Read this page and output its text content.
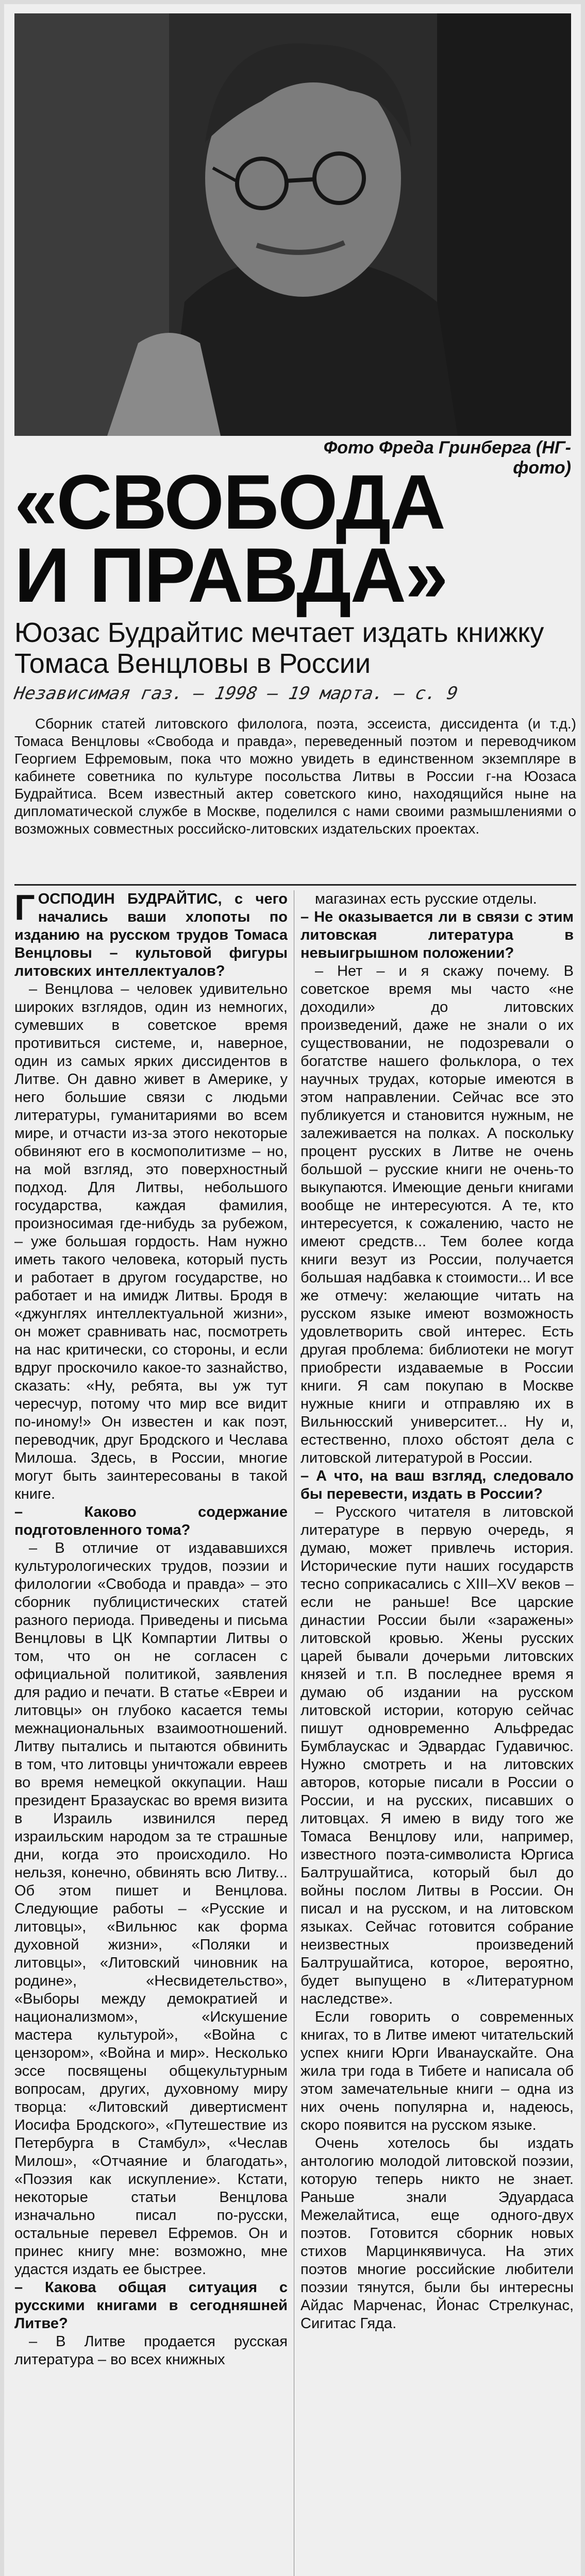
Фото Фреда Гринберга (НГ-фото)
«СВОБОДА
И ПРАВДА»
Юозас Будрайтис мечтает издать книжку Томаса Венцловы в России
Независимая газ. — 1998 — 19 марта. — с. 9
Сборник статей литовского филолога, поэта, эссеиста, диссидента (и т.д.) Томаса Венцловы «Свобода и правда», переведенный поэтом и переводчиком Георгием Ефремовым, пока что можно увидеть в единственном экземпляре в кабинете советника по культуре посольства Литвы в России г-на Юозаса Будрайтиса. Всем известный актер советского кино, находящийся ныне на дипломатической службе в Москве, поделился с нами своими размышлениями о возможных совместных российско-литовских издательских проектах.

ГОСПОДИН БУДРАЙТИС, с чего начались ваши хлопоты по изданию на русском трудов Томаса Венцловы – культовой фигуры литовских интеллектуалов?

– Венцлова – человек удивительно широких взглядов, один из немногих, сумевших в советское время противиться системе, и, наверное, один из самых ярких диссидентов в Литве. Он давно живет в Америке, у него большие связи с людьми литературы, гуманитариями во всем мире, и отчасти из-за этого некоторые обвиняют его в космополитизме – но, на мой взгляд, это поверхностный подход. Для Литвы, небольшого государства, каждая фамилия, произносимая где-нибудь за рубежом, – уже большая гордость. Нам нужно иметь такого человека, который пусть и работает в другом государстве, но работает и на имидж Литвы. Бродя в «джунглях интеллектуальной жизни», он может сравнивать нас, посмотреть на нас критически, со стороны, и если вдруг проскочило какое-то зазнайство, сказать: «Ну, ребята, вы уж тут чересчур, потому что мир все видит по-иному!» Он известен и как поэт, переводчик, друг Бродского и Чеслава Милоша. Здесь, в России, многие могут быть заинтересованы в такой книге.

– Каково содержание подготовленного тома?

– В отличие от издававшихся культурологических трудов, поэзии и филологии «Свобода и правда» – это сборник публицистических статей разного периода. Приведены и письма Венцловы в ЦК Компартии Литвы о том, что он не согласен с официальной политикой, заявления для радио и печати. В статье «Евреи и литовцы» он глубоко касается темы межнациональных взаимоотношений. Литву пытались и пытаются обвинить в том, что литовцы уничтожали евреев во время немецкой оккупации. Наш президент Бразаускас во время визита в Израиль извинился перед израильским народом за те страшные дни, когда это происходило. Но нельзя, конечно, обвинять всю Литву... Об этом пишет и Венцлова. Следующие работы – «Русские и литовцы», «Вильнюс как форма духовной жизни», «Поляки и литовцы», «Литовский чиновник на родине», «Несвидетельство», «Выборы между демократией и национализмом», «Искушение мастера культурой», «Война с цензором», «Война и мир». Несколько эссе посвящены общекультурным вопросам, других, духовному миру творца: «Литовский дивертисмент Иосифа Бродского», «Путешествие из Петербурга в Стамбул», «Чеслав Милош», «Отчаяние и благодать», «Поэзия как искупление». Кстати, некоторые статьи Венцлова изначально писал по-русски, остальные перевел Ефремов. Он и принес книгу мне: возможно, мне удастся издать ее быстрее.

– Какова общая ситуация с русскими книгами в сегодняшней Литве?

– В Литве продается русская литература – во всех книжных

магазинах есть русские отделы.

– Не оказывается ли в связи с этим литовская литература в невыигрышном положении?

– Нет – и я скажу почему. В советское время мы часто «не доходили» до литовских произведений, даже не знали о их существовании, не подозревали о богатстве нашего фольклора, о тех научных трудах, которые имеются в этом направлении. Сейчас все это публикуется и становится нужным, не залеживается на полках. А поскольку процент русских в Литве не очень большой – русские книги не очень-то выкупаются. Имеющие деньги книгами вообще не интересуются. А те, кто интересуется, к сожалению, часто не имеют средств... Тем более когда книги везут из России, получается большая надбавка к стоимости... И все же отмечу: желающие читать на русском языке имеют возможность удовлетворить свой интерес. Есть другая проблема: библиотеки не могут приобрести издаваемые в России книги. Я сам покупаю в Москве нужные книги и отправляю их в Вильнюсский университет... Ну и, естественно, плохо обстоят дела с литовской литературой в России.

– А что, на ваш взгляд, следовало бы перевести, издать в России?

– Русского читателя в литовской литературе в первую очередь, я думаю, может привлечь история. Исторические пути наших государств тесно соприкасались с XIII–XV веков – если не раньше! Все царские династии России были «заражены» литовской кровью. Жены русских царей бывали дочерьми литовских князей и т.п. В последнее время я думаю об издании на русском литовской истории, которую сейчас пишут одновременно Альфредас Бумблаускас и Эдвардас Гудавичюс. Нужно смотреть и на литовских авторов, которые писали в России о России, и на русских, писавших о литовцах. Я имею в виду того же Томаса Венцлову или, например, известного поэта-символиста Юргиса Балтрушайтиса, который был до войны послом Литвы в России. Он писал и на русском, и на литовском языках. Сейчас готовится собрание неизвестных произведений Балтрушайтиса, которое, вероятно, будет выпущено в «Литературном наследстве».

Если говорить о современных книгах, то в Литве имеют читательский успех книги Юрги Иванаускайте. Она жила три года в Тибете и написала об этом замечательные книги – одна из них очень популярна и, надеюсь, скоро появится на русском языке.

Очень хотелось бы издать антологию молодой литовской поэзии, которую теперь никто не знает. Раньше знали Эдуардаса Межелайтиса, еще одного-двух поэтов. Готовится сборник новых стихов Марцинкявичуса. На этих поэтов многие российские любители поэзии тянутся, были бы интересны Айдас Марченас, Йонас Стрелкунас, Сигитас Гяда.
